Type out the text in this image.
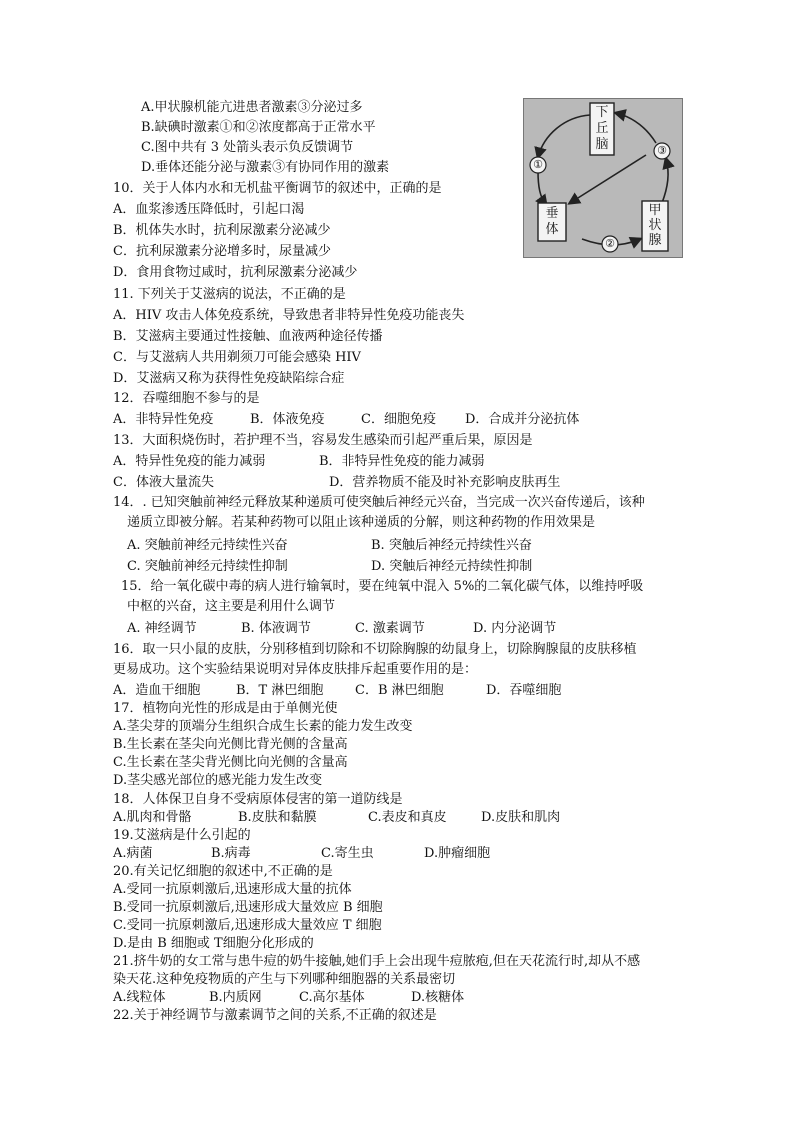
A.甲状腺机能亢进患者激素③分泌过多
B.缺碘时激素①和②浓度都高于正常水平
C.图中共有 3 处箭头表示负反馈调节
D.垂体还能分泌与激素③有协同作用的激素
下丘脑
垂体
甲状腺
①
②
③
10．关于人体内水和无机盐平衡调节的叙述中，正确的是
A．血浆渗透压降低时，引起口渴
B．机体失水时，抗利尿激素分泌减少
C．抗利尿激素分泌增多时，尿量减少
D．食用食物过咸时，抗利尿激素分泌减少
11. 下列关于艾滋病的说法，不正确的是
A．HIV 攻击人体免疫系统，导致患者非特异性免疫功能丧失
B．艾滋病主要通过性接触、血液两种途径传播
C．与艾滋病人共用剃须刀可能会感染 HIV
D．艾滋病又称为获得性免疫缺陷综合症
12．吞噬细胞不参与的是
A．非特异性免疫	B．体液免疫	C．细胞免疫 D．合成并分泌抗体
13．大面积烧伤时，若护理不当，容易发生感染而引起严重后果，原因是
A．特异性免疫的能力减弱	B．非特异性免疫的能力减弱
C．体液大量流失	D．营养物质不能及时补充影响皮肤再生
14．. 已知突触前神经元释放某种递质可使突触后神经元兴奋，当完成一次兴奋传递后，该种
递质立即被分解。若某种药物可以阻止该种递质的分解，则这种药物的作用效果是
A. 突触前神经元持续性兴奋	B. 突触后神经元持续性兴奋
C. 突触前神经元持续性抑制	D. 突触后神经元持续性抑制
15．给一氧化碳中毒的病人进行输氧时，要在纯氧中混入 5%的二氧化碳气体，以维持呼吸
中枢的兴奋，这主要是利用什么调节
A. 神经调节	B. 体液调节	C. 激素调节	D. 内分泌调节
16．取一只小鼠的皮肤，分别移植到切除和不切除胸腺的幼鼠身上，切除胸腺鼠的皮肤移植
更易成功。这个实验结果说明对异体皮肤排斥起重要作用的是：
A．造血干细胞	B．T 淋巴细胞 C．B 淋巴细胞	D．吞噬细胞
17．植物向光性的形成是由于单侧光使
A.茎尖芽的顶端分生组织合成生长素的能力发生改变
B.生长素在茎尖向光侧比背光侧的含量高
C.生长素在茎尖背光侧比向光侧的含量高
D.茎尖感光部位的感光能力发生改变
18．人体保卫自身不受病原体侵害的第一道防线是
A.肌肉和骨骼	B.皮肤和黏膜	C.表皮和真皮	D.皮肤和肌肉
19.艾滋病是什么引起的
A.病菌	B.病毒	C.寄生虫	D.肿瘤细胞
20.有关记忆细胞的叙述中,不正确的是
A.受同一抗原刺激后,迅速形成大量的抗体
B.受同一抗原刺激后,迅速形成大量效应 B 细胞
C.受同一抗原刺激后,迅速形成大量效应 T 细胞
D.是由 B 细胞或 T细胞分化形成的
21.挤牛奶的女工常与患牛痘的奶牛接触,她们手上会出现牛痘脓疱,但在天花流行时,却从不感
染天花.这种免疫物质的产生与下列哪种细胞器的关系最密切
A.线粒体	B.内质网	C.高尔基体	D.核糖体
22.关于神经调节与激素调节之间的关系,不正确的叙述是
